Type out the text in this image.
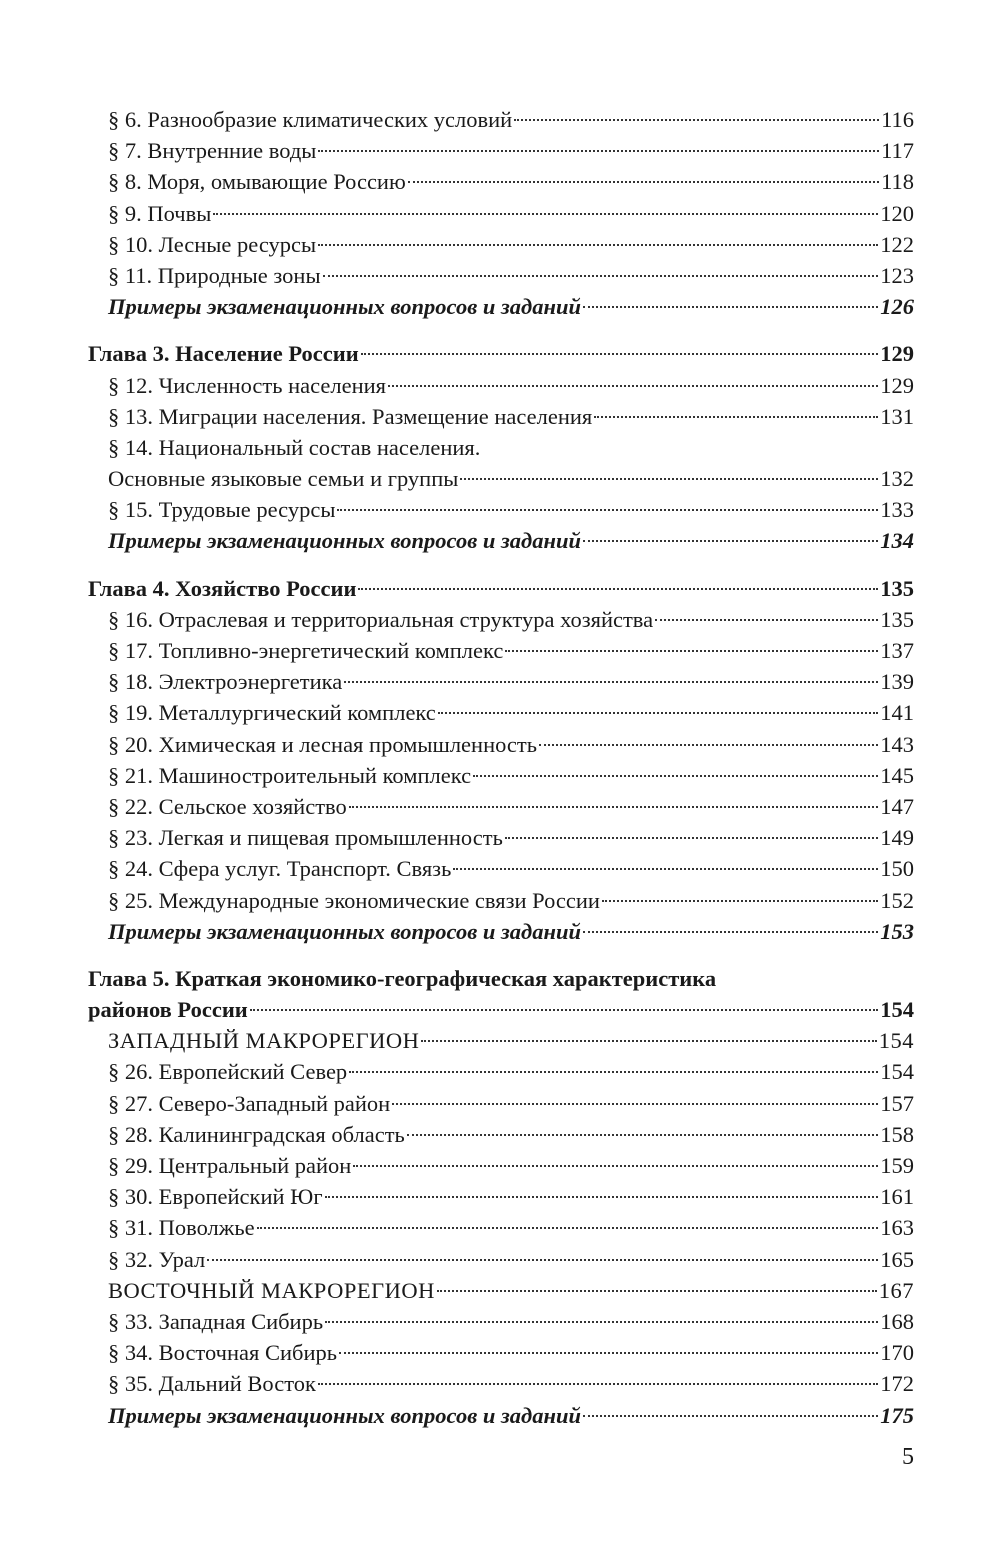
§ 6. Разнообразие климатических условий	116
§ 7. Внутренние воды	117
§ 8. Моря, омывающие Россию	118
§ 9. Почвы	120
§ 10. Лесные ресурсы	122
§ 11. Природные зоны	123
Примеры экзаменационных вопросов и заданий	126
Глава 3. Население России	129
§ 12. Численность населения	129
§ 13. Миграции населения. Размещение населения	131
§ 14. Национальный состав населения.
Основные языковые семьи и группы	132
§ 15. Трудовые ресурсы	133
Примеры экзаменационных вопросов и заданий	134
Глава 4. Хозяйство России	135
§ 16. Отраслевая и территориальная структура хозяйства	135
§ 17. Топливно-энергетический комплекс	137
§ 18. Электроэнергетика	139
§ 19. Металлургический комплекс	141
§ 20. Химическая и лесная промышленность	143
§ 21. Машиностроительный комплекс	145
§ 22. Сельское хозяйство	147
§ 23. Легкая и пищевая промышленность	149
§ 24. Сфера услуг. Транспорт. Связь	150
§ 25. Международные экономические связи России	152
Примеры экзаменационных вопросов и заданий	153
Глава 5. Краткая экономико-географическая характеристика
районов России	154
ЗАПАДНЫЙ МАКРОРЕГИОН	154
§ 26. Европейский Север	154
§ 27. Северо-Западный район	157
§ 28. Калининградская область	158
§ 29. Центральный район	159
§ 30. Европейский Юг	161
§ 31. Поволжье	163
§ 32. Урал	165
ВОСТОЧНЫЙ МАКРОРЕГИОН	167
§ 33. Западная Сибирь	168
§ 34. Восточная Сибирь	170
§ 35. Дальний Восток	172
Примеры экзаменационных вопросов и заданий	175
5
